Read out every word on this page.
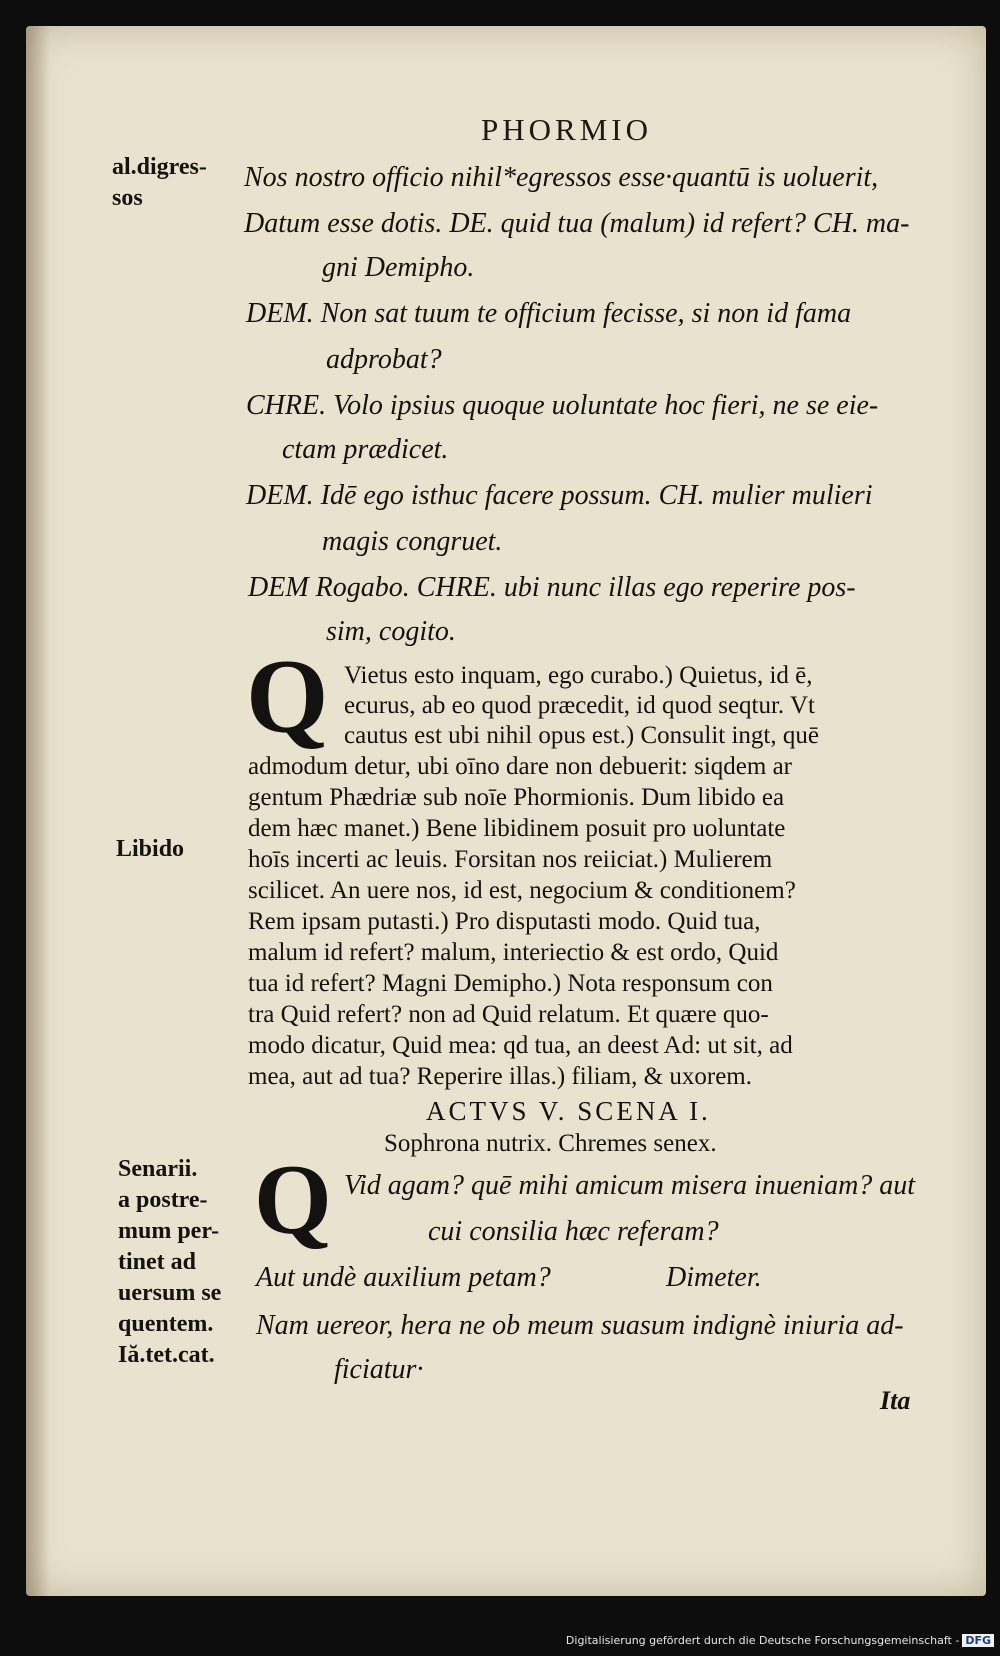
PHORMIO
al.digres-
sos
Libido
Senarii.
a postre-
mum per-
tinet ad
uersum se
quentem.
Iă.tet.cat.
Nos nostro officio nihil*egressos esse·quantū is uoluerit,
Datum esse dotis. DE. quid tua (malum) id refert? CH. ma-
gni Demipho.
DEM. Non sat tuum te officium fecisse, si non id fama
adprobat?
CHRE. Volo ipsius quoque uoluntate hoc fieri, ne se eie-
ctam prædicet.
DEM. Idē ego isthuc facere possum. CH. mulier mulieri
magis congruet.
DEM Rogabo. CHRE. ubi nunc illas ego reperire pos-
sim, cogito.
Q Vietus esto inquam, ego curabo.) Quietus, id ē,
ecurus, ab eo quod præcedit, id quod seqtur. Vt
cautus est ubi nihil opus est.) Consulit ingt, quē
admodum detur, ubi oīno dare non debuerit: siqdem ar
gentum Phædriæ sub noīe Phormionis. Dum libido ea
dem hæc manet.) Bene libidinem posuit pro uoluntate
hoīs incerti ac leuis. Forsitan nos reiiciat.) Mulierem
scilicet. An uere nos, id est, negocium & conditionem?
Rem ipsam putasti.) Pro disputasti modo. Quid tua,
malum id refert? malum, interiectio & est ordo, Quid
tua id refert? Magni Demipho.) Nota responsum con
tra Quid refert? non ad Quid relatum. Et quære quo-
modo dicatur, Quid mea: qd tua, an deest Ad: ut sit, ad
mea, aut ad tua? Reperire illas.) filiam, & uxorem.
ACTVS V. SCENA I.
Sophrona nutrix. Chremes senex.
Q Vid agam? quē mihi amicum misera inueniam? aut
cui consilia hæc referam?
Aut undè auxilium petam?	Dimeter.
Nam uereor, hera ne ob meum suasum indignè iniuria ad-
ficiatur·
Ita
Digitalisierung gefördert durch die Deutsche Forschungsgemeinschaft - DFG
